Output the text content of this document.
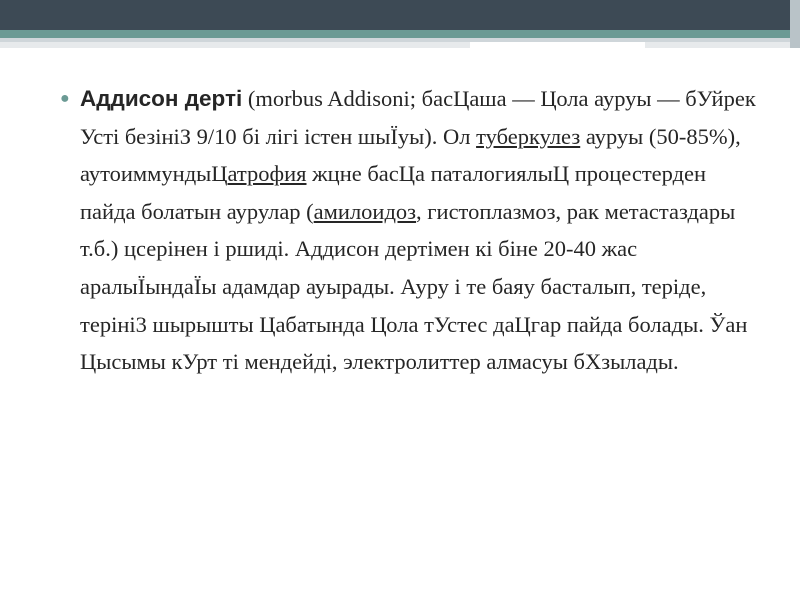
● Аддисон дерті (morbus Addisoni; басЦаша — Цола ауруы — бУйрек Усті безініЗ 9/10 бі лігі істен шыЇуы). Ол туберкулез ауруы (50-85%), аутоиммундыЦатрофия жцне басЦа паталогиялыЦ процестерден пайда болатын аурулар (амилоидоз, гистоплазмоз, рак метастаздары т.б.) цсерінен і ршиді. Аддисон дертімен кі біне 20-40 жас аралыЇындаЇы адамдар ауырады. Ауру і те баяу басталып, теріде, теріні3 шырышты Цабатында Цола тУстес даЦгар пайда болады. Ўан Цысымы кУрт ті мендейді, электролиттер алмасуы бХзылады.
